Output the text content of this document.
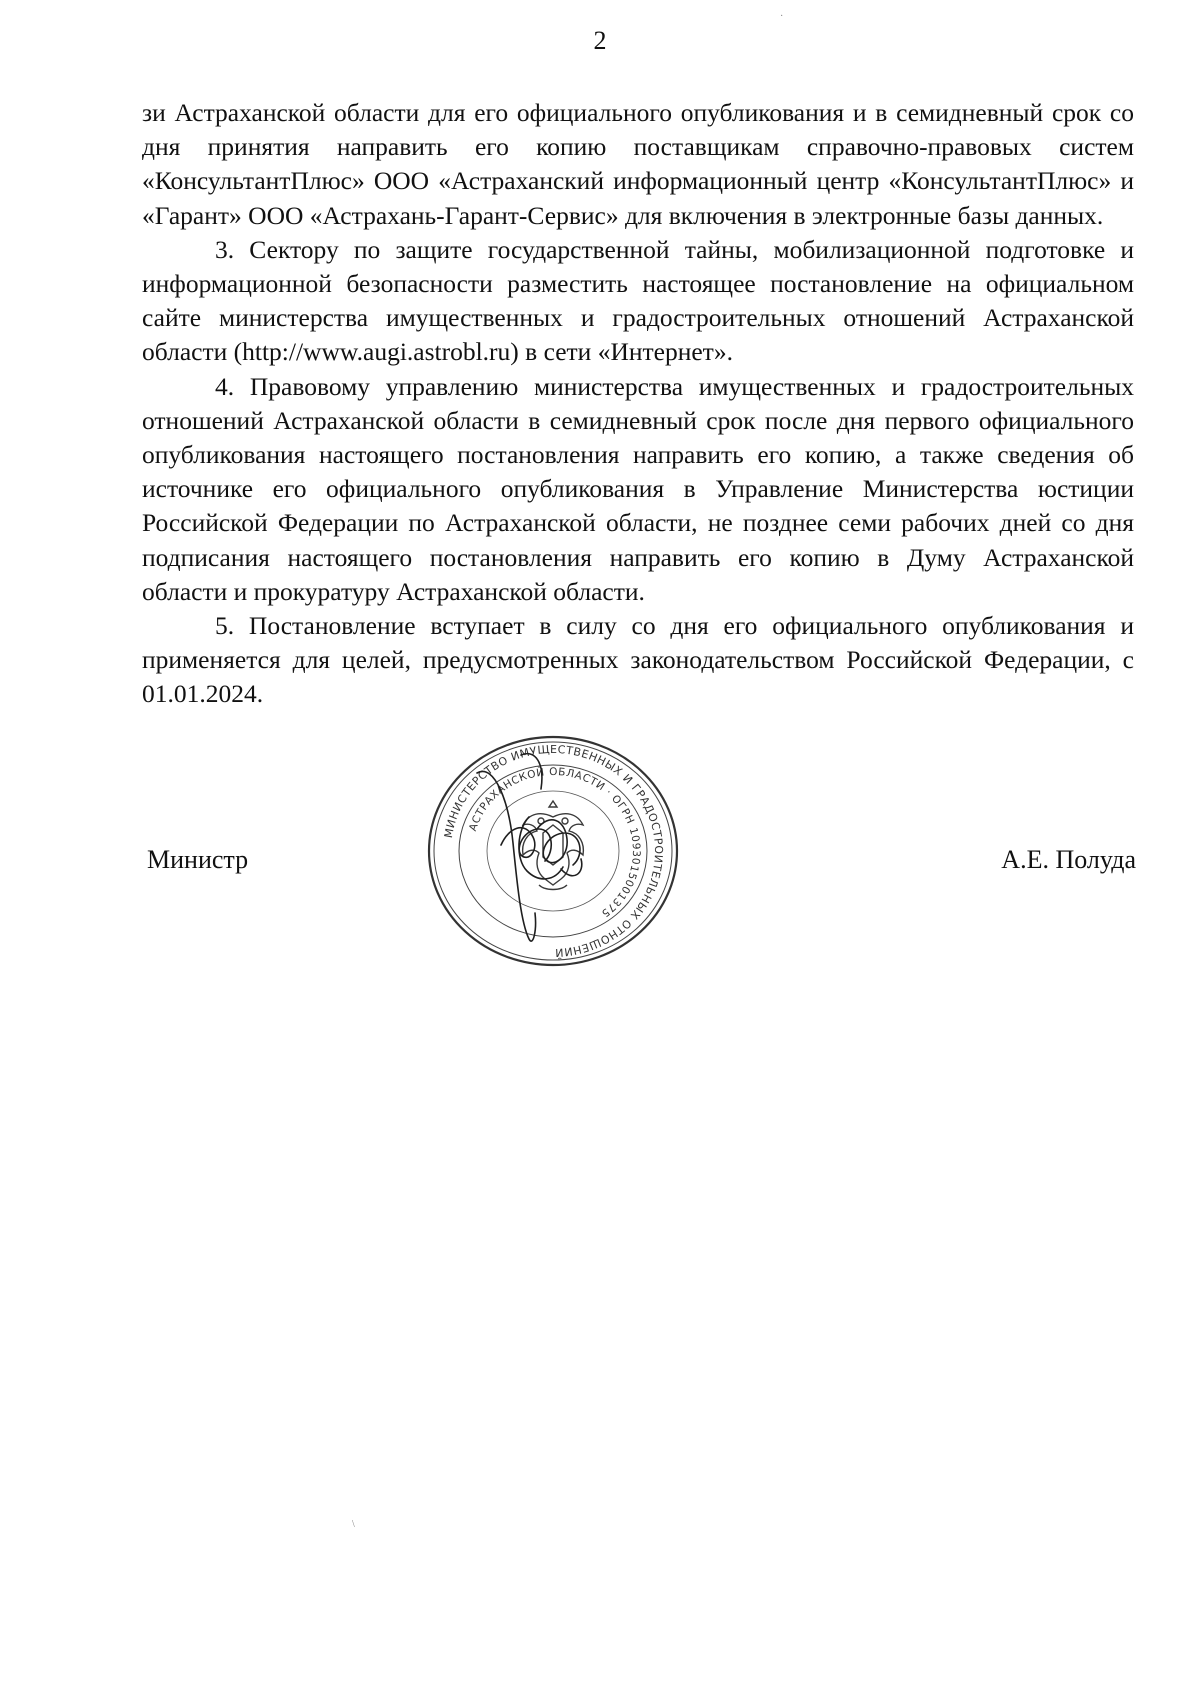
2

зи Астраханской области для его официального опубликования и в семидневный срок со дня принятия направить его копию поставщикам справочно-правовых систем «КонсультантПлюс» ООО «Астраханский информационный центр «КонсультантПлюс» и «Гарант» ООО «Астрахань-Гарант-Сервис» для включения в электронные базы данных.

3. Сектору по защите государственной тайны, мобилизационной подготовке и информационной безопасности разместить настоящее постановление на официальном сайте министерства имущественных и градостроительных отношений Астраханской области (http://www.augi.astrobl.ru) в сети «Интернет».

4. Правовому управлению министерства имущественных и градостроительных отношений Астраханской области в семидневный срок после дня первого официального опубликования настоящего постановления направить его копию, а также сведения об источнике его официального опубликования в Управление Министерства юстиции Российской Федерации по Астраханской области, не позднее семи рабочих дней со дня подписания настоящего постановления направить его копию в Думу Астраханской области и прокуратуру Астраханской области.

5. Постановление вступает в силу со дня его официального опубликования и применяется для целей, предусмотренных законодательством Российской Федерации, с 01.01.2024.

МИНИСТЕРСТВО ИМУЩЕСТВЕННЫХ И ГРАДОСТРОИТЕЛЬНЫХ ОТНОШЕНИЙ
АСТРАХАНСКОЙ ОБЛАСТИ · ОГРН 1093015001375
Министр	А.Е. Полуда
\
·
